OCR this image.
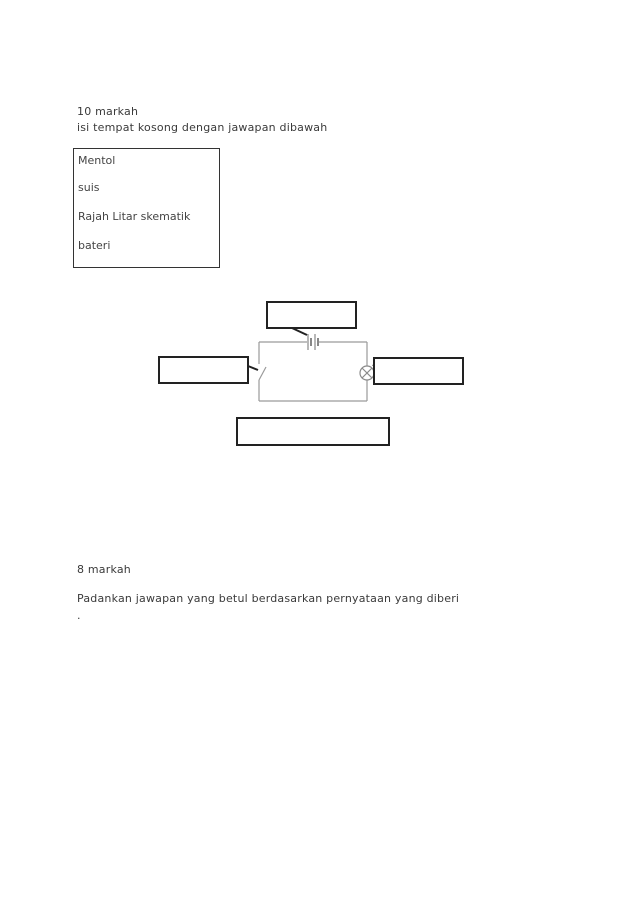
10 markah
isi tempat kosong dengan jawapan dibawah
Mentol
suis
Rajah Litar skematik
bateri
8 markah
Padankan jawapan yang betul berdasarkan pernyataan yang diberi
.
